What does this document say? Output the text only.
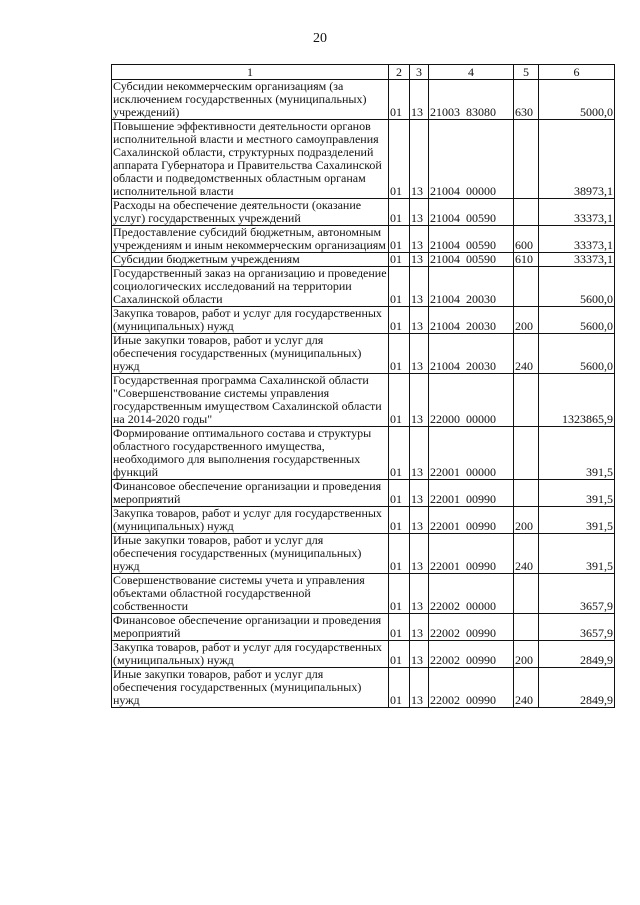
20
1	2	3	4	5	6
Субсидии некоммерческим организациям (за исключением государственных (муниципальных) учреждений)	01	13	21003  83080	630	5000,0
Повышение эффективности деятельности органов исполнительной власти и местного самоуправления Сахалинской области, структурных подразделений аппарата Губернатора и Правительства Сахалинской области и подведомственных областным органам исполнительной власти	01	13	21004  00000		38973,1
Расходы на обеспечение деятельности (оказание услуг) государственных учреждений	01	13	21004  00590		33373,1
Предоставление субсидий бюджетным, автономным учреждениям и иным некоммерческим организациям	01	13	21004  00590	600	33373,1
Субсидии бюджетным учреждениям	01	13	21004  00590	610	33373,1
Государственный заказ на организацию и проведение социологических исследований на территории Сахалинской области	01	13	21004  20030		5600,0
Закупка товаров, работ и услуг для государственных (муниципальных) нужд	01	13	21004  20030	200	5600,0
Иные закупки товаров, работ и услуг для обеспечения государственных (муниципальных) нужд	01	13	21004  20030	240	5600,0
Государственная программа Сахалинской области "Совершенствование системы управления государственным имуществом Сахалинской области на 2014-2020 годы"	01	13	22000  00000		1323865,9
Формирование оптимального состава и структуры областного государственного имущества, необходимого для выполнения государственных функций	01	13	22001  00000		391,5
Финансовое обеспечение организации и проведения мероприятий	01	13	22001  00990		391,5
Закупка товаров, работ и услуг для государственных (муниципальных) нужд	01	13	22001  00990	200	391,5
Иные закупки товаров, работ и услуг для обеспечения государственных (муниципальных) нужд	01	13	22001  00990	240	391,5
Совершенствование системы учета и управления объектами областной государственной собственности	01	13	22002  00000		3657,9
Финансовое обеспечение организации и проведения мероприятий	01	13	22002  00990		3657,9
Закупка товаров, работ и услуг для государственных (муниципальных) нужд	01	13	22002  00990	200	2849,9
Иные закупки товаров, работ и услуг для обеспечения государственных (муниципальных) нужд	01	13	22002  00990	240	2849,9
